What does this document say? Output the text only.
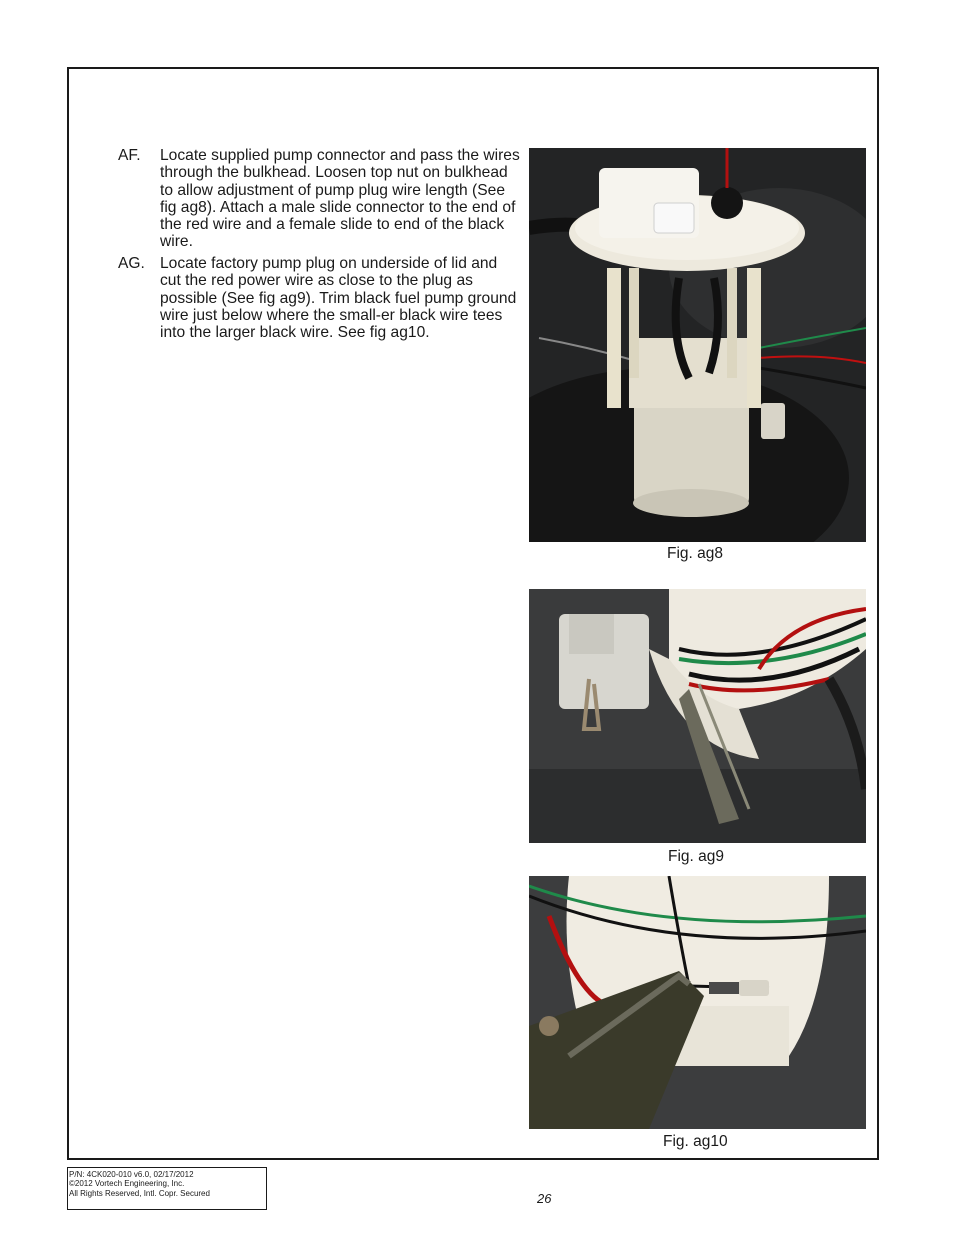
AF. Locate supplied pump connector and pass the wires through the bulkhead. Loosen top nut on bulkhead to allow adjustment of pump plug wire length (See fig ag8). Attach a male slide connector to the end of the red wire and a female slide to end of the black wire.
AG. Locate factory pump plug on underside of lid and cut the red power wire as close to the plug as possible (See fig ag9). Trim black fuel pump ground wire just below where the small-er black wire tees into the larger black wire. See fig ag10.
Fig. ag8
Fig. ag9
Fig. ag10
P/N: 4CK020-010 v6.0, 02/17/2012
©2012 Vortech Engineering, Inc.
All Rights Reserved, Intl. Copr. Secured	26
